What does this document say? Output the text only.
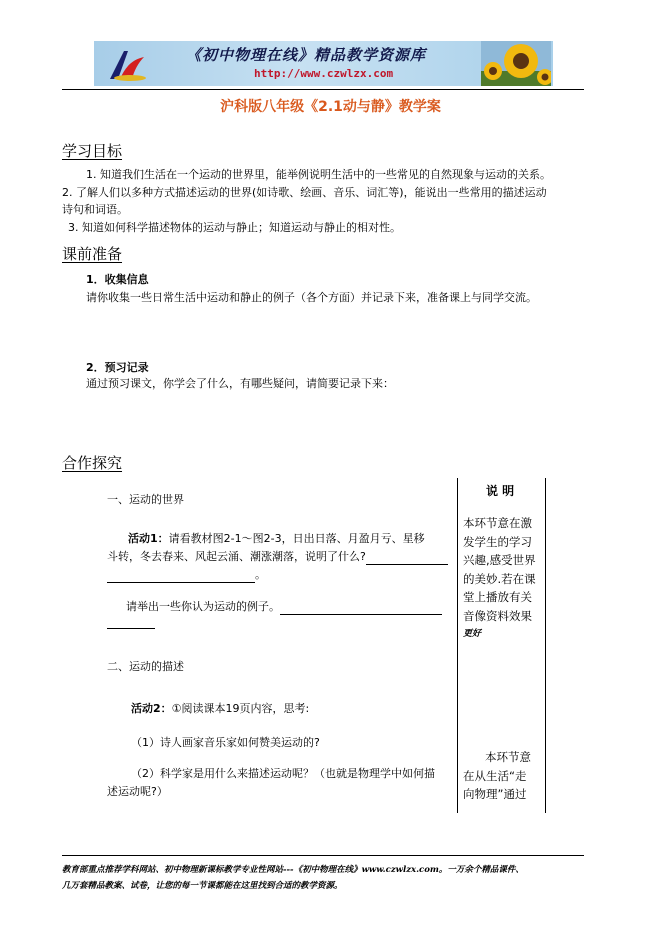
《初中物理在线》精品教学资源库
http://www.czwlzx.com
沪科版八年级《2.1动与静》教学案
学习目标
1. 知道我们生活在一个运动的世界里，能举例说明生活中的一些常见的自然现象与运动的关系。
2. 了解人们以多种方式描述运动的世界(如诗歌、绘画、音乐、词汇等)，能说出一些常用的描述运动
诗句和词语。
3. 知道如何科学描述物体的运动与静止；知道运动与静止的相对性。
课前准备
1．收集信息
请你收集一些日常生活中运动和静止的例子（各个方面）并记录下来，准备课上与同学交流。
2．预习记录
通过预习课文，你学会了什么，有哪些疑问，请简要记录下来：
合作探究
一、运动的世界
活动1：请看教材图2-1～图2-3，日出日落、月盈月亏、星移
斗转，冬去春来、风起云涌、潮涨潮落，说明了什么?
。
请举出一些你认为运动的例子。
二、运动的描述
活动2：①阅读课本19页内容，思考:
（1）诗人画家音乐家如何赞美运动的?
（2）科学家是用什么来描述运动呢？（也就是物理学中如何描
述运动呢?）
说 明
本环节意在激
发学生的学习
兴趣,感受世界
的美妙.若在课
堂上播放有关
音像资料效果
更好
本环节意
在从生活“走
向物理”通过
教育部重点推荐学科网站、初中物理新课标教学专业性网站---《初中物理在线》www.czwlzx.com。一万余个精品课件、
几万套精品教案、试卷，让您的每一节课都能在这里找到合适的教学资源。
